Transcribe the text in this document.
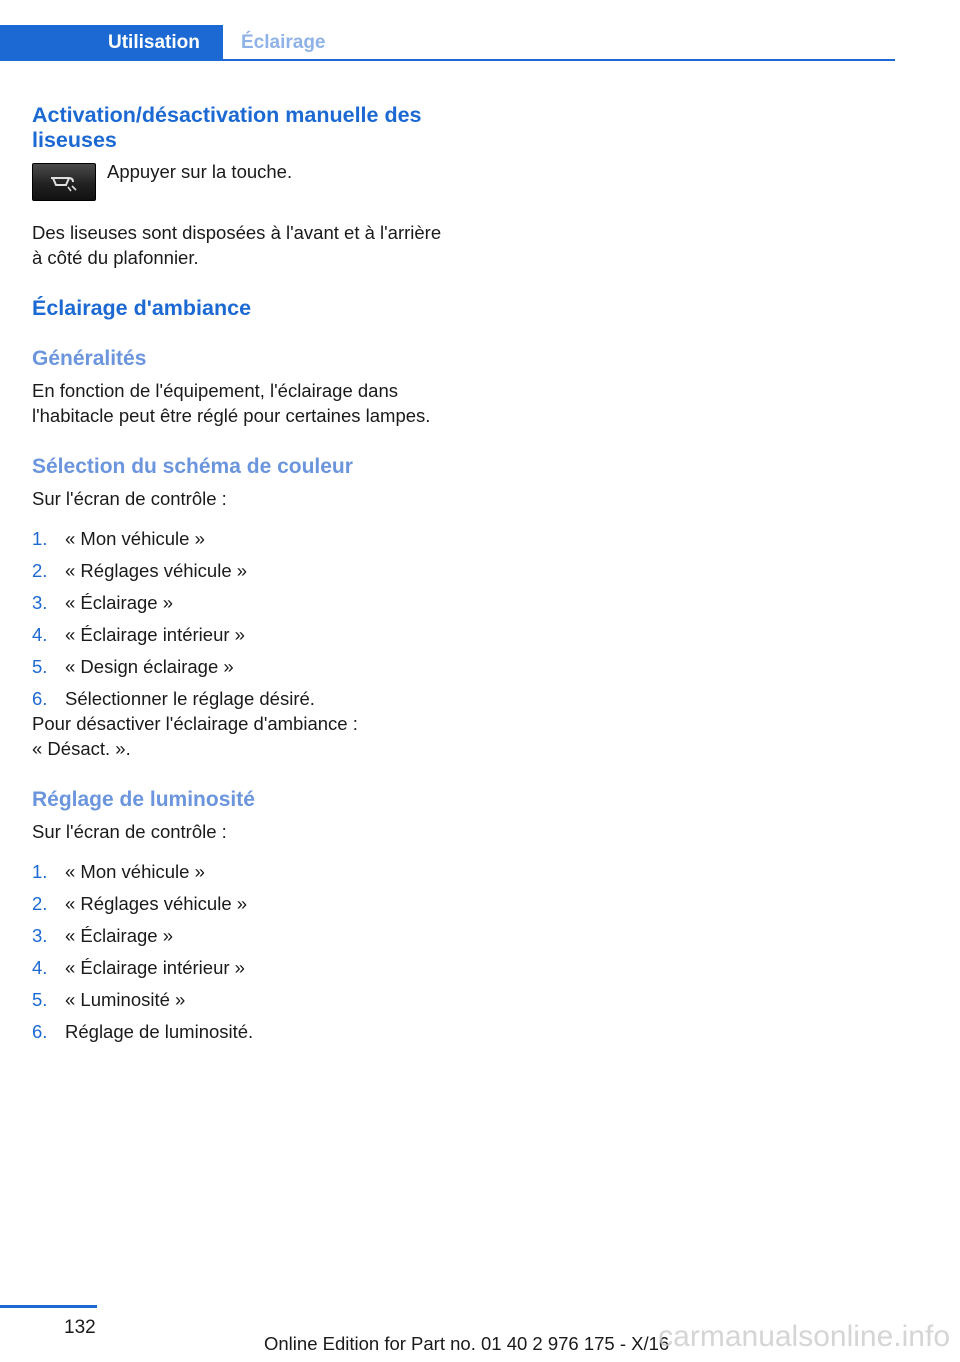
Utilisation	Éclairage
Activation/désactivation manuelle des liseuses
Appuyer sur la touche.

Des liseuses sont disposées à l'avant et à l'arrière à côté du plafonnier.

Éclairage d'ambiance
Généralités

En fonction de l'équipement, l'éclairage dans l'habitacle peut être réglé pour certaines lampes.

Sélection du schéma de couleur

Sur l'écran de contrôle :

1. « Mon véhicule »
2. « Réglages véhicule »
3. « Éclairage »
4. « Éclairage intérieur »
5. « Design éclairage »
6. Sélectionner le réglage désiré.

Pour désactiver l'éclairage d'ambiance :
« Désact. ».

Réglage de luminosité

Sur l'écran de contrôle :

1. « Mon véhicule »
2. « Réglages véhicule »
3. « Éclairage »
4. « Éclairage intérieur »
5. « Luminosité »
6. Réglage de luminosité.
132
Online Edition for Part no. 01 40 2 976 175 - X/16
carmanualsonline.info
